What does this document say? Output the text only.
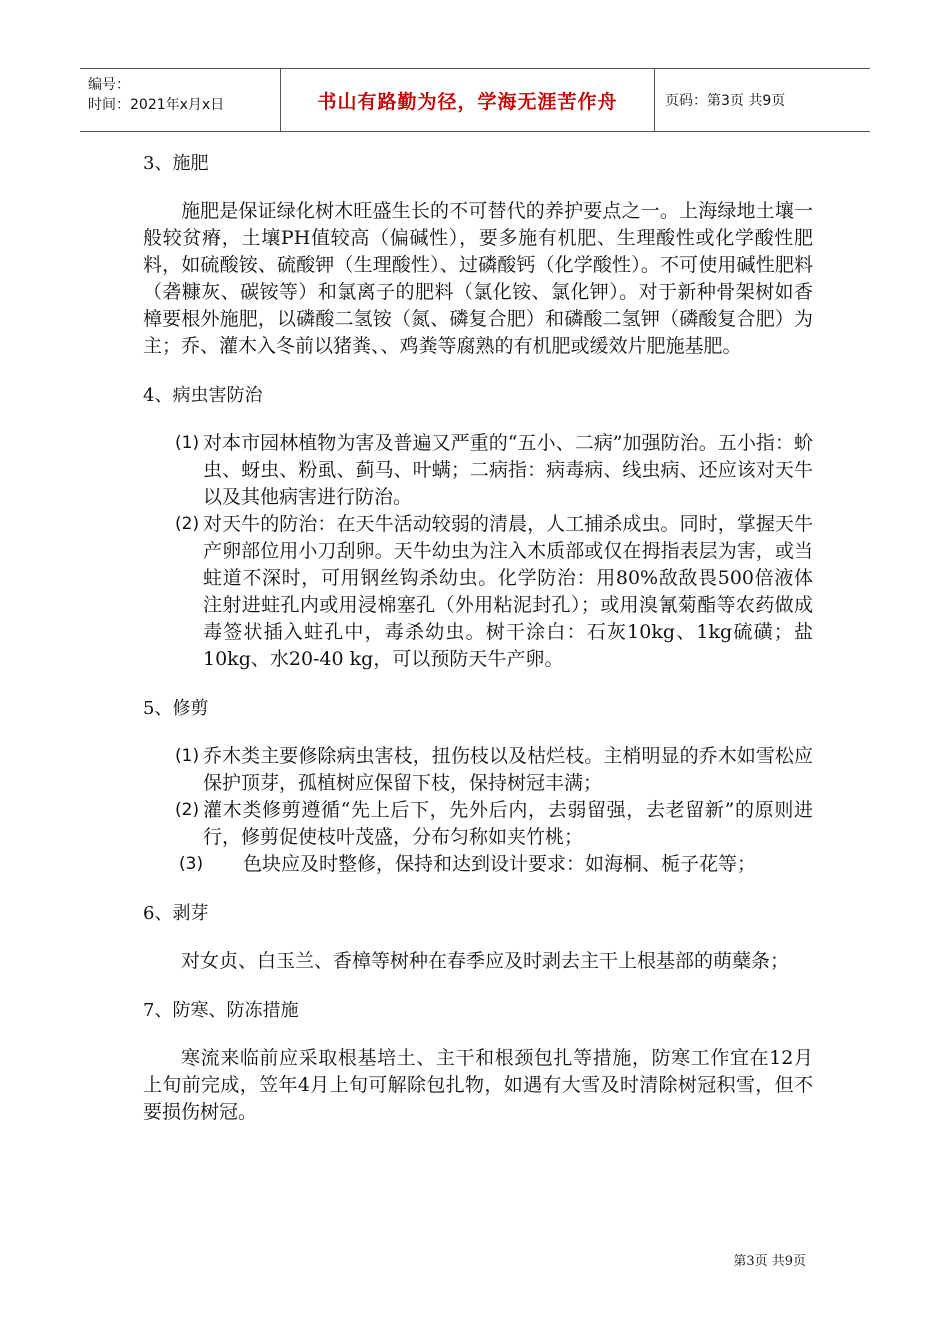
编号：
时间：2021年x月x日	书山有路勤为径，学海无涯苦作舟	页码：第3页 共9页

3、施肥

施肥是保证绿化树木旺盛生长的不可替代的养护要点之一。上海绿地土壤一般较贫瘠，土壤PH值较高（偏碱性），要多施有机肥、生理酸性或化学酸性肥料，如硫酸铵、硫酸钾（生理酸性）、过磷酸钙（化学酸性）。不可使用碱性肥料（砻糠灰、碳铵等）和氯离子的肥料（氯化铵、氯化钾）。对于新种骨架树如香樟要根外施肥，以磷酸二氢铵（氮、磷复合肥）和磷酸二氢钾（磷酸复合肥）为主；乔、灌木入冬前以猪粪、、鸡粪等腐熟的有机肥或缓效片肥施基肥。

4、病虫害防治

(1) 对本市园林植物为害及普遍又严重的“五小、二病”加强防治。五小指：蚧虫、蚜虫、粉虱、蓟马、叶螨；二病指：病毒病、线虫病、还应该对天牛以及其他病害进行防治。
(2) 对天牛的防治：在天牛活动较弱的清晨，人工捕杀成虫。同时，掌握天牛产卵部位用小刀刮卵。天牛幼虫为注入木质部或仅在拇指表层为害，或当蛀道不深时，可用钢丝钩杀幼虫。化学防治：用80%敌敌畏500倍液体注射进蛀孔内或用浸棉塞孔（外用粘泥封孔）；或用溴氰菊酯等农药做成毒签状插入蛀孔中，毒杀幼虫。树干涂白：石灰10kg、1kg硫磺；盐10kg、水20-40 kg，可以预防天牛产卵。

5、修剪

(1) 乔木类主要修除病虫害枝，扭伤枝以及枯烂枝。主梢明显的乔木如雪松应保护顶芽，孤植树应保留下枝，保持树冠丰满；
(2) 灌木类修剪遵循“先上后下，先外后内，去弱留强，去老留新”的原则进行，修剪促使枝叶茂盛，分布匀称如夹竹桃；
(3) 色块应及时整修，保持和达到设计要求：如海桐、栀子花等；

6、剥芽

对女贞、白玉兰、香樟等树种在春季应及时剥去主干上根基部的萌蘖条；

7、防寒、防冻措施

寒流来临前应采取根基培土、主干和根颈包扎等措施，防寒工作宜在12月上旬前完成，笠年4月上旬可解除包扎物，如遇有大雪及时清除树冠积雪，但不要损伤树冠。

第3页 共9页
